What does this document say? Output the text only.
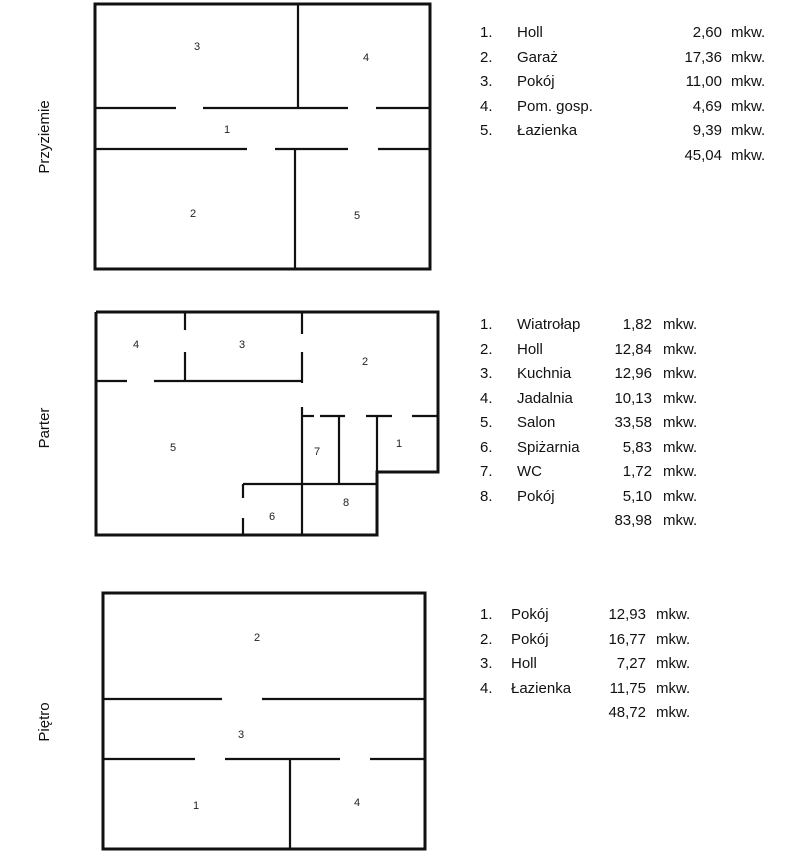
3
4
1
2	5
Przyziemie
4	3
2
5	7
1
8
6
Parter
2
3
1	4
Piętro
1. Holl	2,60 mkw.
2. Garaż	17,36 mkw.
3. Pokój	11,00 mkw.
4. Pom. gosp.	4,69 mkw.
5. Łazienka	9,39 mkw.
45,04 mkw.
1. Wiatrołap	1,82 mkw.
2. Holl	12,84 mkw.
3. Kuchnia	12,96 mkw.
4. Jadalnia	10,13 mkw.
5. Salon	33,58 mkw.
6. Spiżarnia	5,83 mkw.
7. WC	1,72 mkw.
8. Pokój	5,10 mkw.
83,98 mkw.
1. Pokój	12,93 mkw.
2. Pokój	16,77 mkw.
3. Holl	7,27 mkw.
4. Łazienka	11,75 mkw.
48,72 mkw.
